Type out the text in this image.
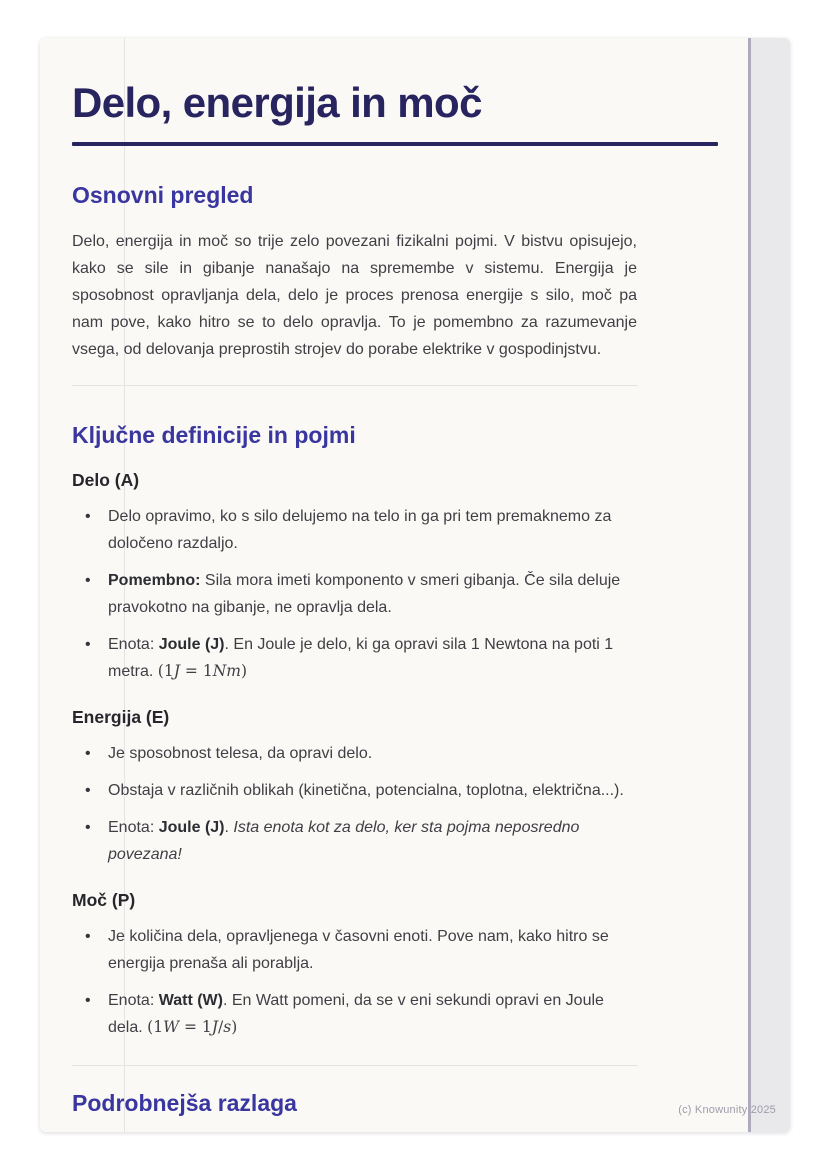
Delo, energija in moč
Osnovni pregled

Delo, energija in moč so trije zelo povezani fizikalni pojmi. V bistvu opisujejo, kako se sile in gibanje nanašajo na spremembe v sistemu. Energija je sposobnost opravljanja dela, delo je proces prenosa energije s silo, moč pa nam pove, kako hitro se to delo opravlja. To je pomembno za razumevanje vsega, od delovanja preprostih strojev do porabe elektrike v gospodinjstvu.

Ključne definicije in pojmi
Delo (A)
• Delo opravimo, ko s silo delujemo na telo in ga pri tem premaknemo za določeno razdaljo.
• Pomembno: Sila mora imeti komponento v smeri gibanja. Če sila deluje pravokotno na gibanje, ne opravlja dela.
• Enota: Joule (J). En Joule je delo, ki ga opravi sila 1 Newtona na poti 1 metra. (1J = 1Nm)
Energija (E)
• Je sposobnost telesa, da opravi delo.
• Obstaja v različnih oblikah (kinetična, potencialna, toplotna, električna...).
• Enota: Joule (J). Ista enota kot za delo, ker sta pojma neposredno povezana!
Moč (P)
• Je količina dela, opravljenega v časovni enoti. Pove nam, kako hitro se energija prenaša ali porablja.
• Enota: Watt (W). En Watt pomeni, da se v eni sekundi opravi en Joule dela. (1W = 1J/s)
Podrobnejša razlaga	(c) Knowunity 2025
